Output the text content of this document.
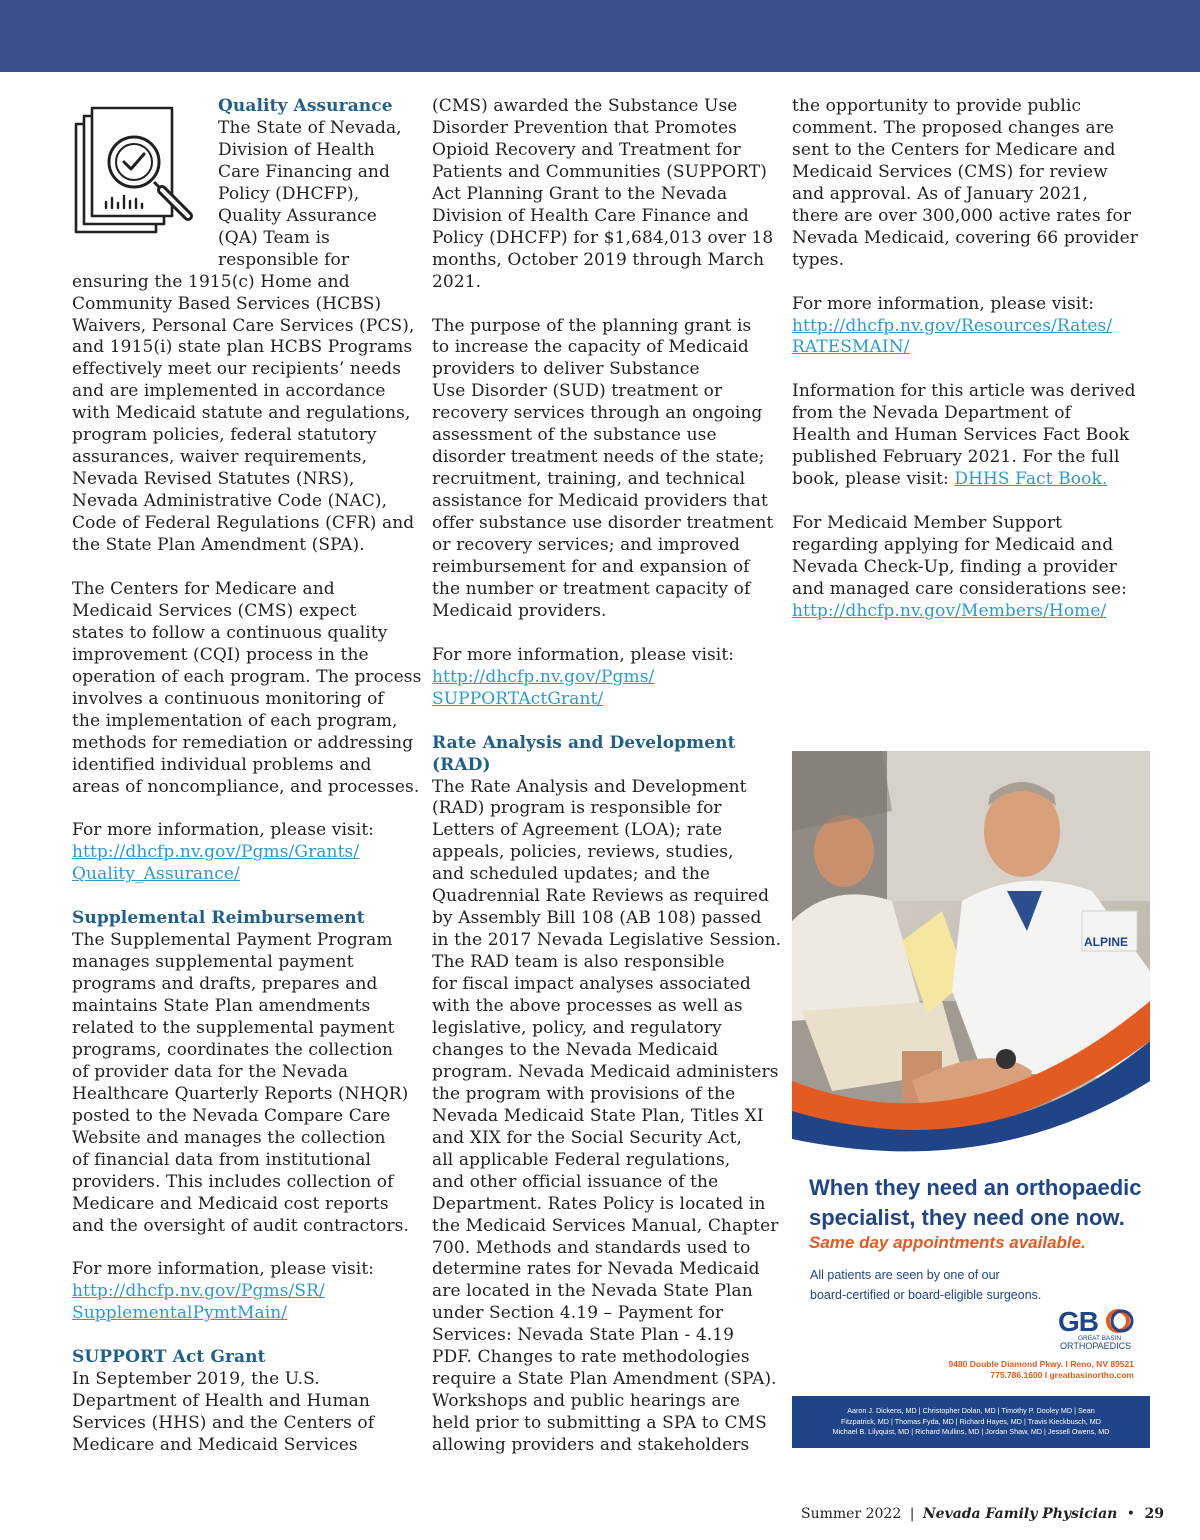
Quality Assurance
The State of Nevada,
Division of Health
Care Financing and
Policy (DHCFP),
Quality Assurance
(QA) Team is
responsible for
ensuring the 1915(c) Home and
Community Based Services (HCBS)
Waivers, Personal Care Services (PCS),
and 1915(i) state plan HCBS Programs
effectively meet our recipients’ needs
and are implemented in accordance
with Medicaid statute and regulations,
program policies, federal statutory
assurances, waiver requirements,
Nevada Revised Statutes (NRS),
Nevada Administrative Code (NAC),
Code of Federal Regulations (CFR) and
the State Plan Amendment (SPA).
The Centers for Medicare and
Medicaid Services (CMS) expect
states to follow a continuous quality
improvement (CQI) process in the
operation of each program. The process
involves a continuous monitoring of
the implementation of each program,
methods for remediation or addressing
identified individual problems and
areas of noncompliance, and processes.
For more information, please visit:
http://dhcfp.nv.gov/Pgms/Grants/
Quality_Assurance/
Supplemental Reimbursement
The Supplemental Payment Program
manages supplemental payment
programs and drafts, prepares and
maintains State Plan amendments
related to the supplemental payment
programs, coordinates the collection
of provider data for the Nevada
Healthcare Quarterly Reports (NHQR)
posted to the Nevada Compare Care
Website and manages the collection
of financial data from institutional
providers. This includes collection of
Medicare and Medicaid cost reports
and the oversight of audit contractors.
For more information, please visit:
http://dhcfp.nv.gov/Pgms/SR/
SupplementalPymtMain/
SUPPORT Act Grant
In September 2019, the U.S.
Department of Health and Human
Services (HHS) and the Centers of
Medicare and Medicaid Services
(CMS) awarded the Substance Use
Disorder Prevention that Promotes
Opioid Recovery and Treatment for
Patients and Communities (SUPPORT)
Act Planning Grant to the Nevada
Division of Health Care Finance and
Policy (DHCFP) for $1,684,013 over 18
months, October 2019 through March
2021.
The purpose of the planning grant is
to increase the capacity of Medicaid
providers to deliver Substance
Use Disorder (SUD) treatment or
recovery services through an ongoing
assessment of the substance use
disorder treatment needs of the state;
recruitment, training, and technical
assistance for Medicaid providers that
offer substance use disorder treatment
or recovery services; and improved
reimbursement for and expansion of
the number or treatment capacity of
Medicaid providers.
For more information, please visit:
http://dhcfp.nv.gov/Pgms/
SUPPORTActGrant/
Rate Analysis and Development
(RAD)
The Rate Analysis and Development
(RAD) program is responsible for
Letters of Agreement (LOA); rate
appeals, policies, reviews, studies,
and scheduled updates; and the
Quadrennial Rate Reviews as required
by Assembly Bill 108 (AB 108) passed
in the 2017 Nevada Legislative Session.
The RAD team is also responsible
for fiscal impact analyses associated
with the above processes as well as
legislative, policy, and regulatory
changes to the Nevada Medicaid
program. Nevada Medicaid administers
the program with provisions of the
Nevada Medicaid State Plan, Titles XI
and XIX for the Social Security Act,
all applicable Federal regulations,
and other official issuance of the
Department. Rates Policy is located in
the Medicaid Services Manual, Chapter
700. Methods and standards used to
determine rates for Nevada Medicaid
are located in the Nevada State Plan
under Section 4.19 – Payment for
Services: Nevada State Plan - 4.19
PDF. Changes to rate methodologies
require a State Plan Amendment (SPA).
Workshops and public hearings are
held prior to submitting a SPA to CMS
allowing providers and stakeholders
the opportunity to provide public
comment. The proposed changes are
sent to the Centers for Medicare and
Medicaid Services (CMS) for review
and approval. As of January 2021,
there are over 300,000 active rates for
Nevada Medicaid, covering 66 provider
types.
For more information, please visit:
http://dhcfp.nv.gov/Resources/Rates/
RATESMAIN/
Information for this article was derived
from the Nevada Department of
Health and Human Services Fact Book
published February 2021. For the full
book, please visit: DHHS Fact Book.
For Medicaid Member Support
regarding applying for Medicaid and
Nevada Check-Up, finding a provider
and managed care considerations see:
http://dhcfp.nv.gov/Members/Home/
ALPINE
When they need an orthopaedic
specialist, they need one now.
Same day appointments available.
All patients are seen by one of our
board-certified or board-eligible surgeons.
GB
GREAT BASIN
ORTHOPAEDICS
9480 Double Diamond Pkwy. I Reno, NV 89521
775.786.1600 I greatbasinortho.com
Aaron J. Dickens, MD | Christopher Dolan, MD | Timothy P. Dooley MD | Sean
Fitzpatrick, MD | Thomas Fyda, MD | Richard Hayes, MD | Travis Kieckbusch, MD
Michael B. Lilyquist, MD | Richard Mullins, MD | Jordan Shaw, MD | Jessell Owens, MD
Summer 2022 | Nevada Family Physician • 29
